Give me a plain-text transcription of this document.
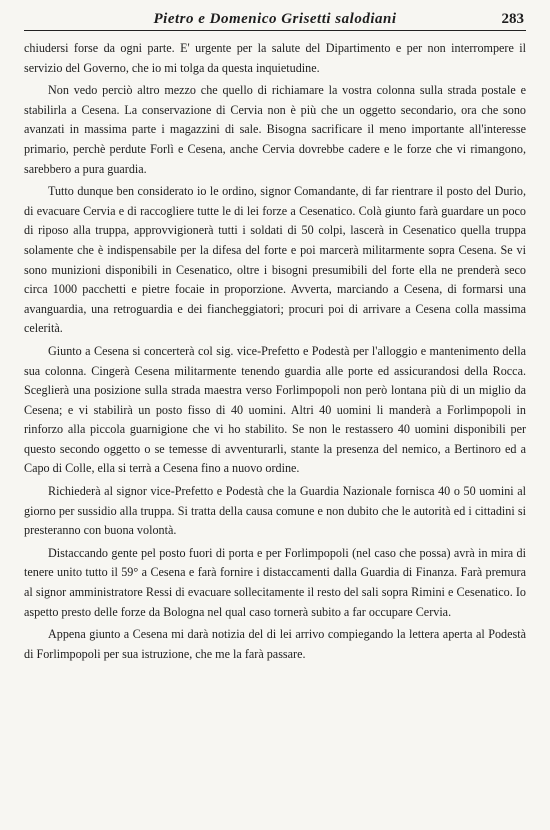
Pietro e Domenico Grisetti salodiani	283

chiudersi forse da ogni parte. E' urgente per la salute del Dipartimento e per non interrompere il servizio del Governo, che io mi tolga da questa inquietudine.

Non vedo perciò altro mezzo che quello di richiamare la vostra colonna sulla strada postale e stabilirla a Cesena. La conservazione di Cervia non è più che un oggetto secondario, ora che sono avanzati in massima parte i magazzini di sale. Bisogna sacrificare il meno importante all'interesse primario, perchè perdute Forlì e Cesena, anche Cervia dovrebbe cadere e le forze che vi rimangono, sarebbero a pura guardia.

Tutto dunque ben considerato io le ordino, signor Comandante, di far rientrare il posto del Durio, di evacuare Cervia e di raccogliere tutte le di lei forze a Cesenatico. Colà giunto farà guardare un poco di riposo alla truppa, approvvigionerà tutti i soldati di 50 colpi, lascerà in Cesenatico quella truppa solamente che è indispensabile per la difesa del forte e poi marcerà militarmente sopra Cesena. Se vi sono munizioni disponibili in Cesenatico, oltre i bisogni presumibili del forte ella ne prenderà seco circa 1000 pacchetti e pietre focaie in proporzione. Avverta, marciando a Cesena, di formarsi una avanguardia, una retroguardia e dei fiancheggiatori; procuri poi di arrivare a Cesena colla massima celerità.

Giunto a Cesena si concerterà col sig. vice-Prefetto e Podestà per l'alloggio e mantenimento della sua colonna. Cingerà Cesena militarmente tenendo guardia alle porte ed assicurandosi della Rocca. Sceglierà una posizione sulla strada maestra verso Forlimpopoli non però lontana più di un miglio da Cesena; e vi stabilirà un posto fisso di 40 uomini. Altri 40 uomini li manderà a Forlimpopoli in rinforzo alla piccola guarnigione che vi ho stabilito. Se non le restassero 40 uomini disponibili per questo secondo oggetto o se temesse di avventurarli, stante la presenza del nemico, a Bertinoro ed a Capo di Colle, ella si terrà a Cesena fino a nuovo ordine.

Richiederà al signor vice-Prefetto e Podestà che la Guardia Nazionale fornisca 40 o 50 uomini al giorno per sussidio alla truppa. Si tratta della causa comune e non dubito che le autorità ed i cittadini si presteranno con buona volontà.

Distaccando gente pel posto fuori di porta e per Forlimpopoli (nel caso che possa) avrà in mira di tenere unito tutto il 59° a Cesena e farà fornire i distaccamenti dalla Guardia di Finanza. Farà premura al signor amministratore Ressi di evacuare sollecitamente il resto del sali sopra Rimini e Cesenatico. Io aspetto presto delle forze da Bologna nel qual caso tornerà subito a far occupare Cervia.

Appena giunto a Cesena mi darà notizia del di lei arrivo compiegando la lettera aperta al Podestà di Forlimpopoli per sua istruzione, che me la farà passare.
